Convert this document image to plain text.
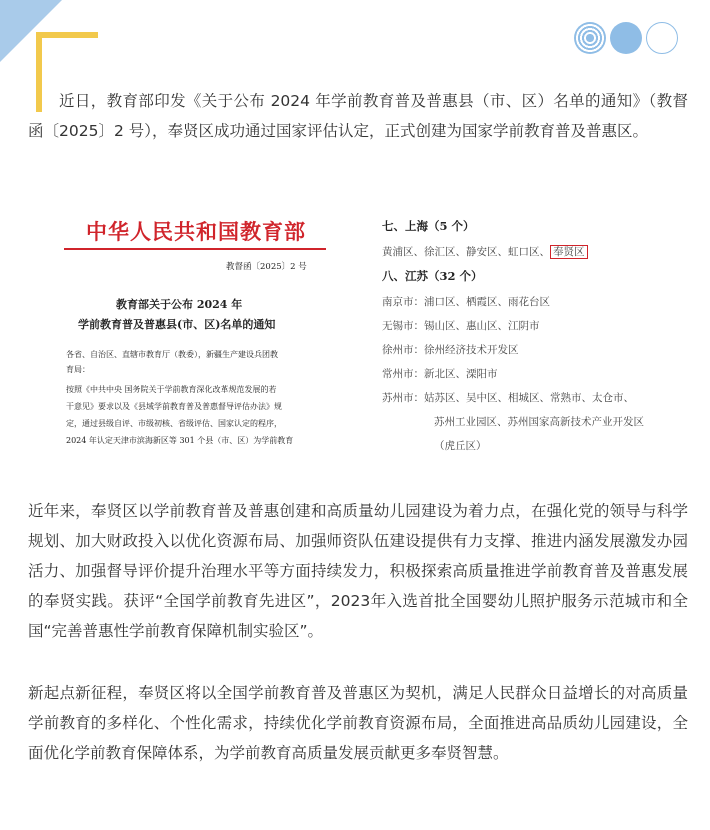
近日，教育部印发《关于公布 2024 年学前教育普及普惠县（市、区）名单的通知》（教督函〔2025〕2 号），奉贤区成功通过国家评估认定，正式创建为国家学前教育普及普惠区。

中华人民共和国教育部
教督函〔2025〕2 号
教育部关于公布 2024 年
学前教育普及普惠县(市、区)名单的通知
各省、自治区、直辖市教育厅（教委），新疆生产建设兵团教
育局：
按照《中共中央 国务院关于学前教育深化改革规范发展的若
干意见》要求以及《县域学前教育普及普惠督导评估办法》规
定，通过县级自评、市级初核、省级评估、国家认定的程序，
2024 年认定天津市滨海新区等 301 个县（市、区）为学前教育
七、上海（5 个）
黄浦区、徐汇区、静安区、虹口区、 奉贤区
八、江苏（32 个）
南京市：浦口区、栖霞区、雨花台区
无锡市：锡山区、惠山区、江阴市
徐州市：徐州经济技术开发区
常州市：新北区、溧阳市
苏州市：姑苏区、吴中区、相城区、常熟市、太仓市、
苏州工业园区、苏州国家高新技术产业开发区
（虎丘区）

近年来，奉贤区以学前教育普及普惠创建和高质量幼儿园建设为着力点，在强化党的领导与科学规划、加大财政投入以优化资源布局、加强师资队伍建设提供有力支撑、推进内涵发展激发办园活力、加强督导评价提升治理水平等方面持续发力，积极探索高质量推进学前教育普及普惠发展的奉贤实践。获评“全国学前教育先进区”，2023年入选首批全国婴幼儿照护服务示范城市和全国“完善普惠性学前教育保障机制实验区”。

新起点新征程，奉贤区将以全国学前教育普及普惠区为契机，满足人民群众日益增长的对高质量学前教育的多样化、个性化需求，持续优化学前教育资源布局，全面推进高品质幼儿园建设，全面优化学前教育保障体系，为学前教育高质量发展贡献更多奉贤智慧。
